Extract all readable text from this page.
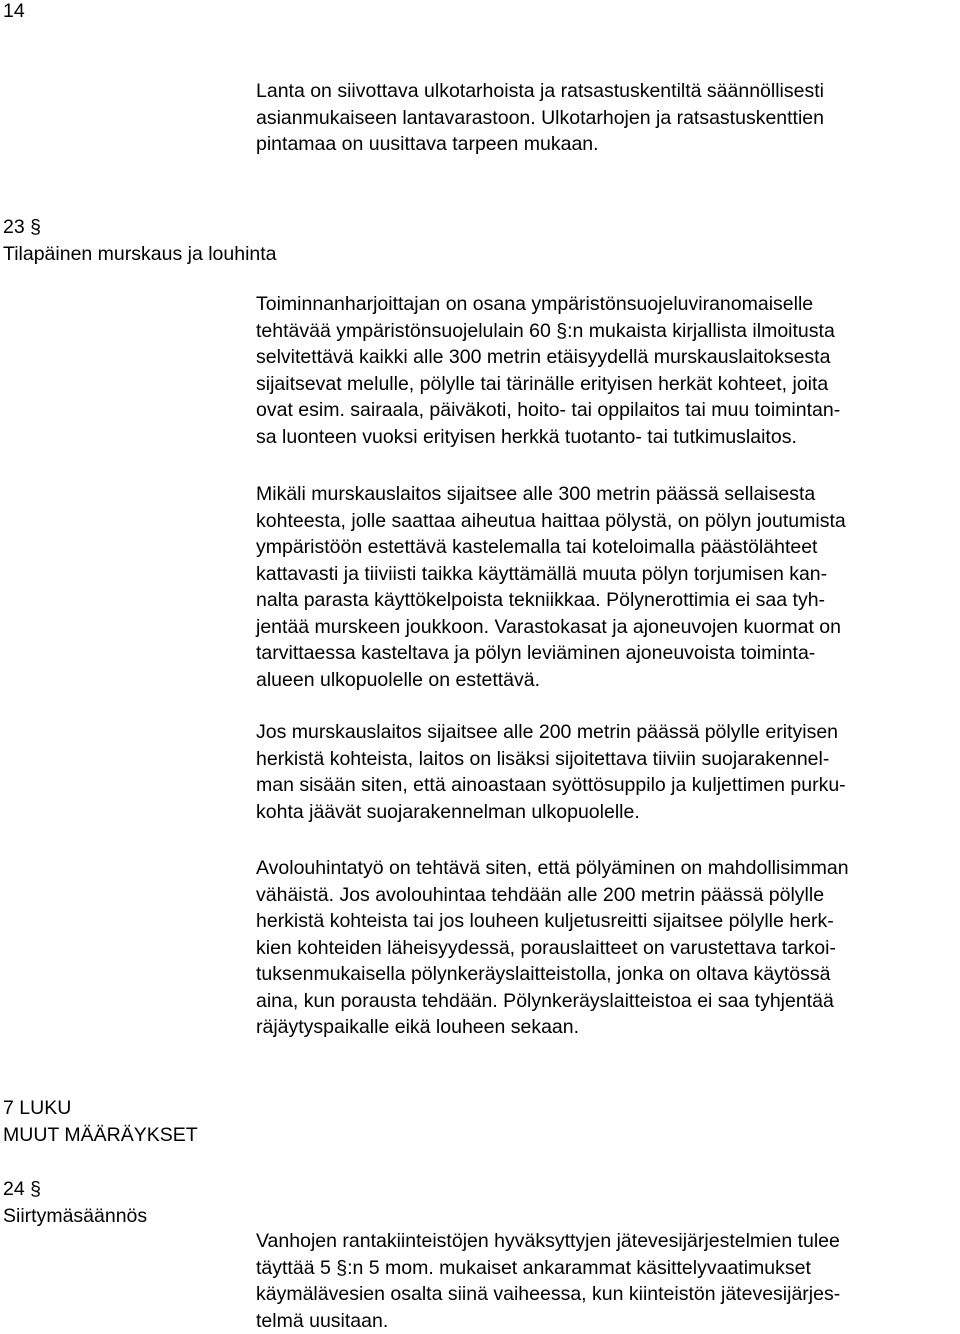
14
Lanta on siivottava ulkotarhoista ja ratsastuskentiltä säännöllisesti
asianmukaiseen lantavarastoon. Ulkotarhojen ja ratsastuskenttien
pintamaa on uusittava tarpeen mukaan.
23 §
Tilapäinen murskaus ja louhinta
Toiminnanharjoittajan on osana ympäristönsuojeluviranomaiselle
tehtävää ympäristönsuojelulain 60 §:n mukaista kirjallista ilmoitusta
selvitettävä kaikki alle 300 metrin etäisyydellä murskauslaitoksesta
sijaitsevat melulle, pölylle tai tärinälle erityisen herkät kohteet, joita
ovat esim. sairaala, päiväkoti, hoito- tai oppilaitos tai muu toimintan-
sa luonteen vuoksi erityisen herkkä tuotanto- tai tutkimuslaitos.
Mikäli murskauslaitos sijaitsee alle 300 metrin päässä sellaisesta
kohteesta, jolle saattaa aiheutua haittaa pölystä, on pölyn joutumista
ympäristöön estettävä kastelemalla tai koteloimalla päästölähteet
kattavasti ja tiiviisti taikka käyttämällä muuta pölyn torjumisen kan-
nalta parasta käyttökelpoista tekniikkaa. Pölynerottimia ei saa tyh-
jentää murskeen joukkoon. Varastokasat ja ajoneuvojen kuormat on
tarvittaessa kasteltava ja pölyn leviäminen ajoneuvoista toiminta-
alueen ulkopuolelle on estettävä.
Jos murskauslaitos sijaitsee alle 200 metrin päässä pölylle erityisen
herkistä kohteista, laitos on lisäksi sijoitettava tiiviin suojarakennel-
man sisään siten, että ainoastaan syöttösuppilo ja kuljettimen purku-
kohta jäävät suojarakennelman ulkopuolelle.
Avolouhintatyö on tehtävä siten, että pölyäminen on mahdollisimman
vähäistä. Jos avolouhintaa tehdään alle 200 metrin päässä pölylle
herkistä kohteista tai jos louheen kuljetusreitti sijaitsee pölylle herk-
kien kohteiden läheisyydessä, porauslaitteet on varustettava tarkoi-
tuksenmukaisella pölynkeräyslaitteistolla, jonka on oltava käytössä
aina, kun porausta tehdään. Pölynkeräyslaitteistoa ei saa tyhjentää
räjäytyspaikalle eikä louheen sekaan.
7 LUKU
MUUT MÄÄRÄYKSET
24 §
Siirtymäsäännös
Vanhojen rantakiinteistöjen hyväksyttyjen jätevesijärjestelmien tulee
täyttää 5 §:n 5 mom. mukaiset ankarammat käsittelyvaatimukset
käymälävesien osalta siinä vaiheessa, kun kiinteistön jätevesijärjes-
telmä uusitaan.
